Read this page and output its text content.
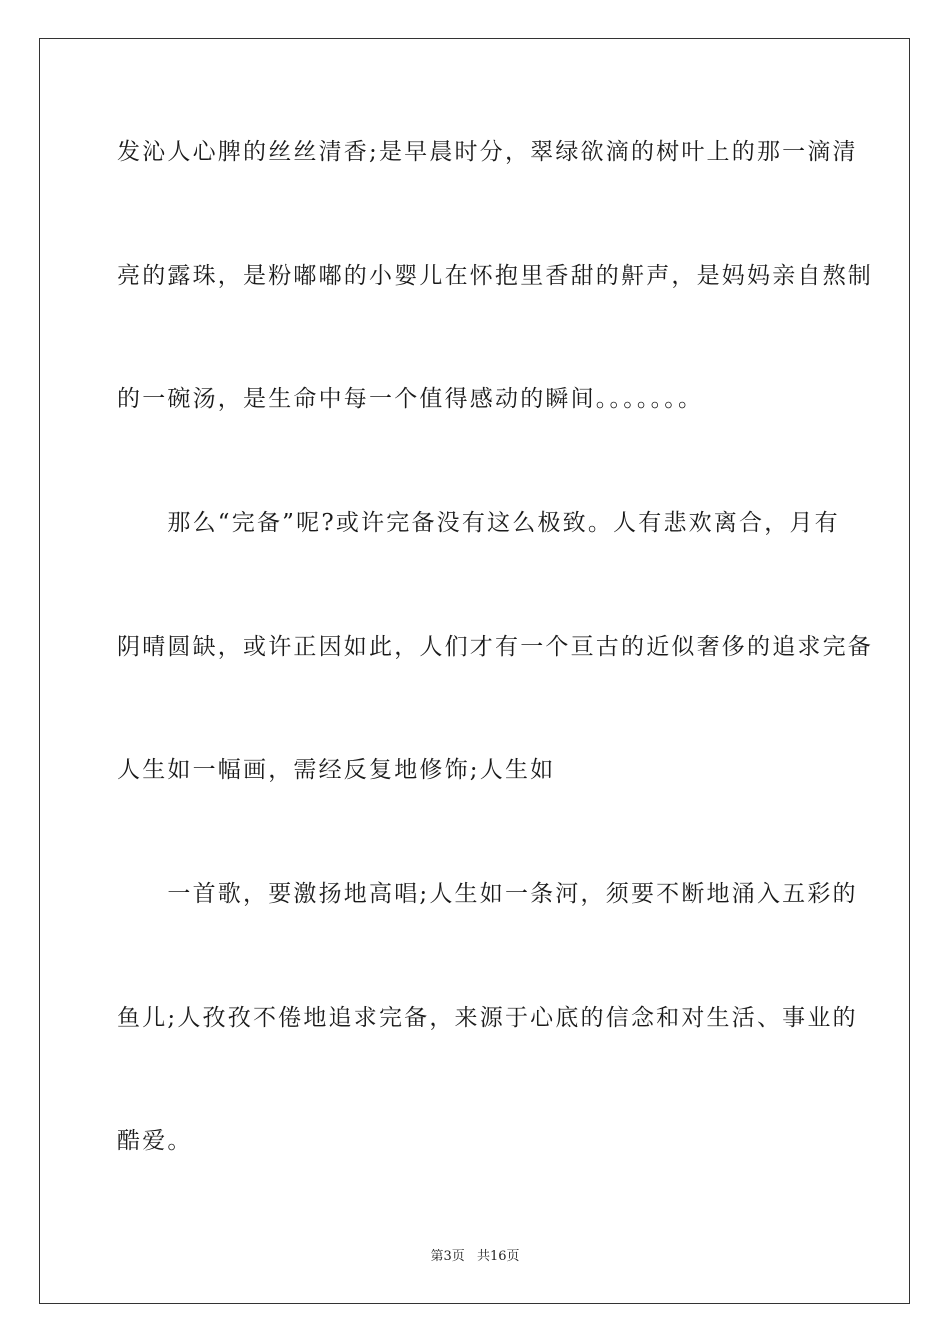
发沁人心脾的丝丝清香;是早晨时分，翠绿欲滴的树叶上的那一滴清
亮的露珠，是粉嘟嘟的小婴儿在怀抱里香甜的鼾声，是妈妈亲自熬制
的一碗汤，是生命中每一个值得感动的瞬间。。。。。。。
　　那么“完备”呢?或许完备没有这么极致。人有悲欢离合，月有
阴晴圆缺，或许正因如此，人们才有一个亘古的近似奢侈的追求完备
人生如一幅画，需经反复地修饰;人生如
　　一首歌，要激扬地高唱;人生如一条河，须要不断地涌入五彩的
鱼儿;人孜孜不倦地追求完备，来源于心底的信念和对生活、事业的
酷爱。
第3页 共16页
